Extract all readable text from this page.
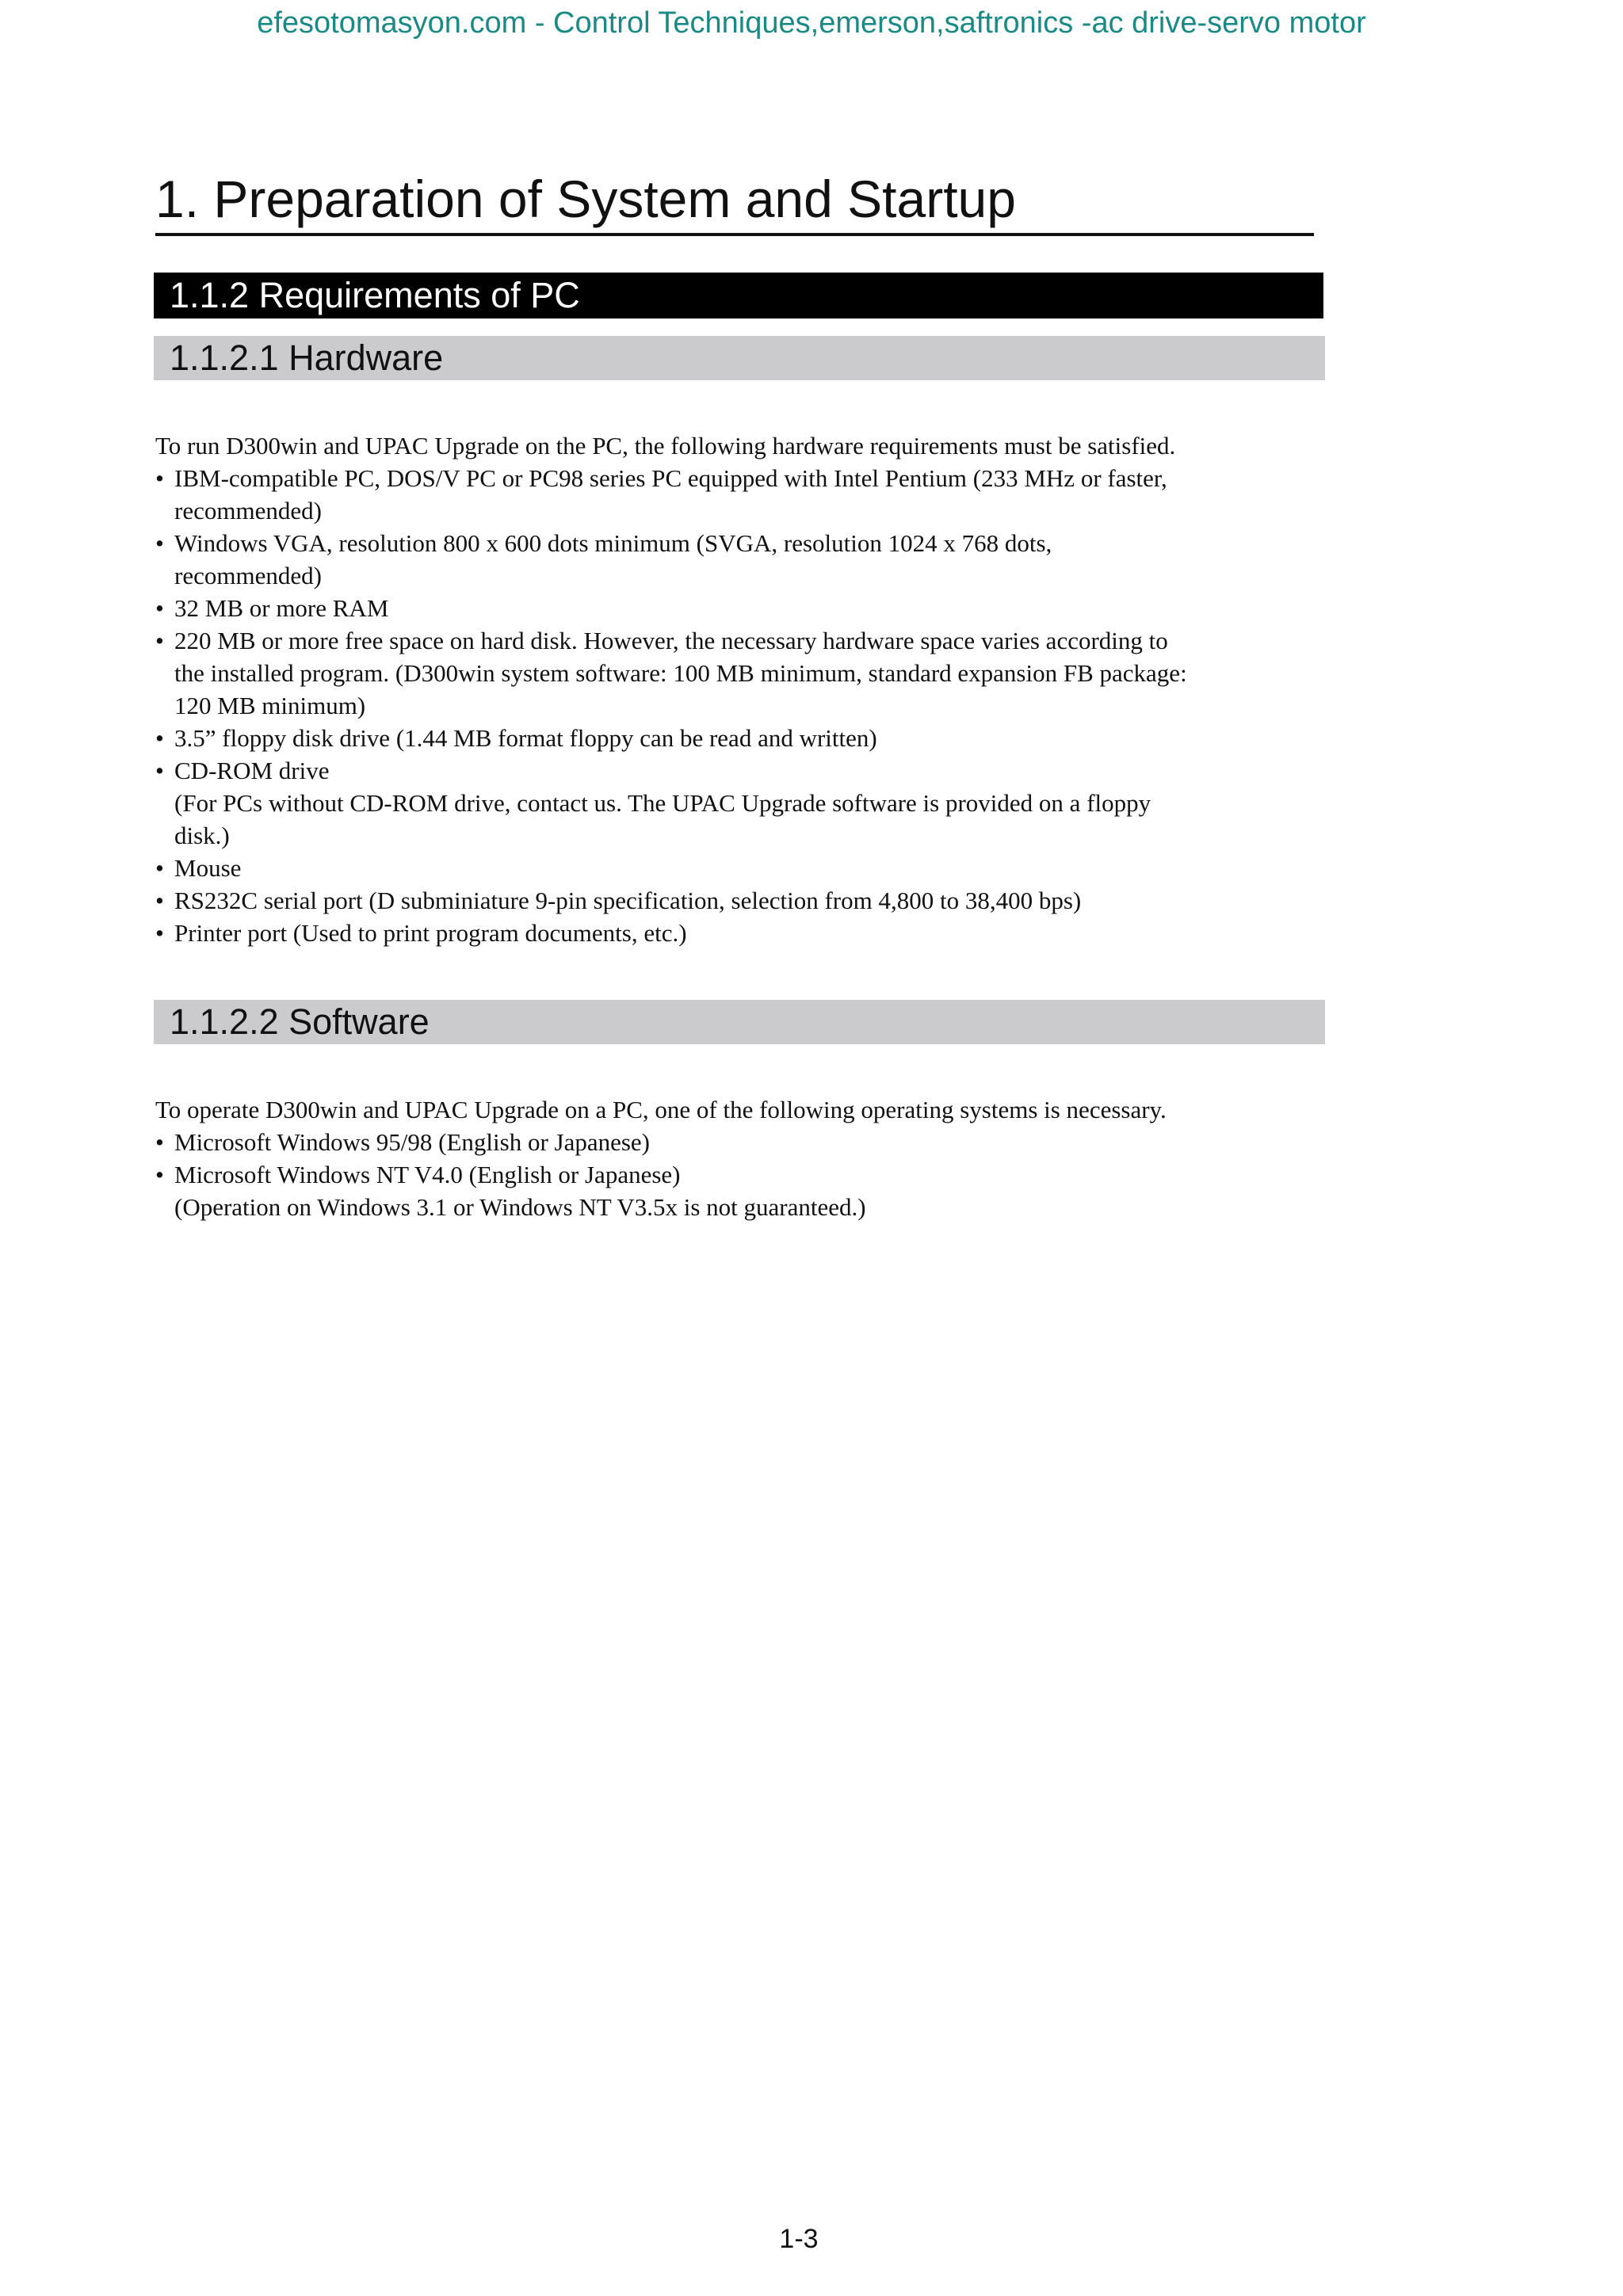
efesotomasyon.com - Control Techniques,emerson,saftronics -ac drive-servo motor
1. Preparation of System and Startup
1.1.2 Requirements of PC
1.1.2.1 Hardware

To run D300win and UPAC Upgrade on the PC, the following hardware requirements must be satisfied.

• IBM-compatible PC, DOS/V PC or PC98 series PC equipped with Intel Pentium (233 MHz or faster,
recommended)
• Windows VGA, resolution 800 x 600 dots minimum (SVGA, resolution 1024 x 768 dots,
recommended)
• 32 MB or more RAM
• 220 MB or more free space on hard disk. However, the necessary hardware space varies according to
the installed program. (D300win system software: 100 MB minimum, standard expansion FB package:
120 MB minimum)
• 3.5” floppy disk drive (1.44 MB format floppy can be read and written)
• CD-ROM drive
(For PCs without CD-ROM drive, contact us. The UPAC Upgrade software is provided on a floppy
disk.)
• Mouse
• RS232C serial port (D subminiature 9-pin specification, selection from 4,800 to 38,400 bps)
• Printer port (Used to print program documents, etc.)
1.1.2.2 Software

To operate D300win and UPAC Upgrade on a PC, one of the following operating systems is necessary.

• Microsoft Windows 95/98 (English or Japanese)
• Microsoft Windows NT V4.0 (English or Japanese)
(Operation on Windows 3.1 or Windows NT V3.5x is not guaranteed.)
1-3
